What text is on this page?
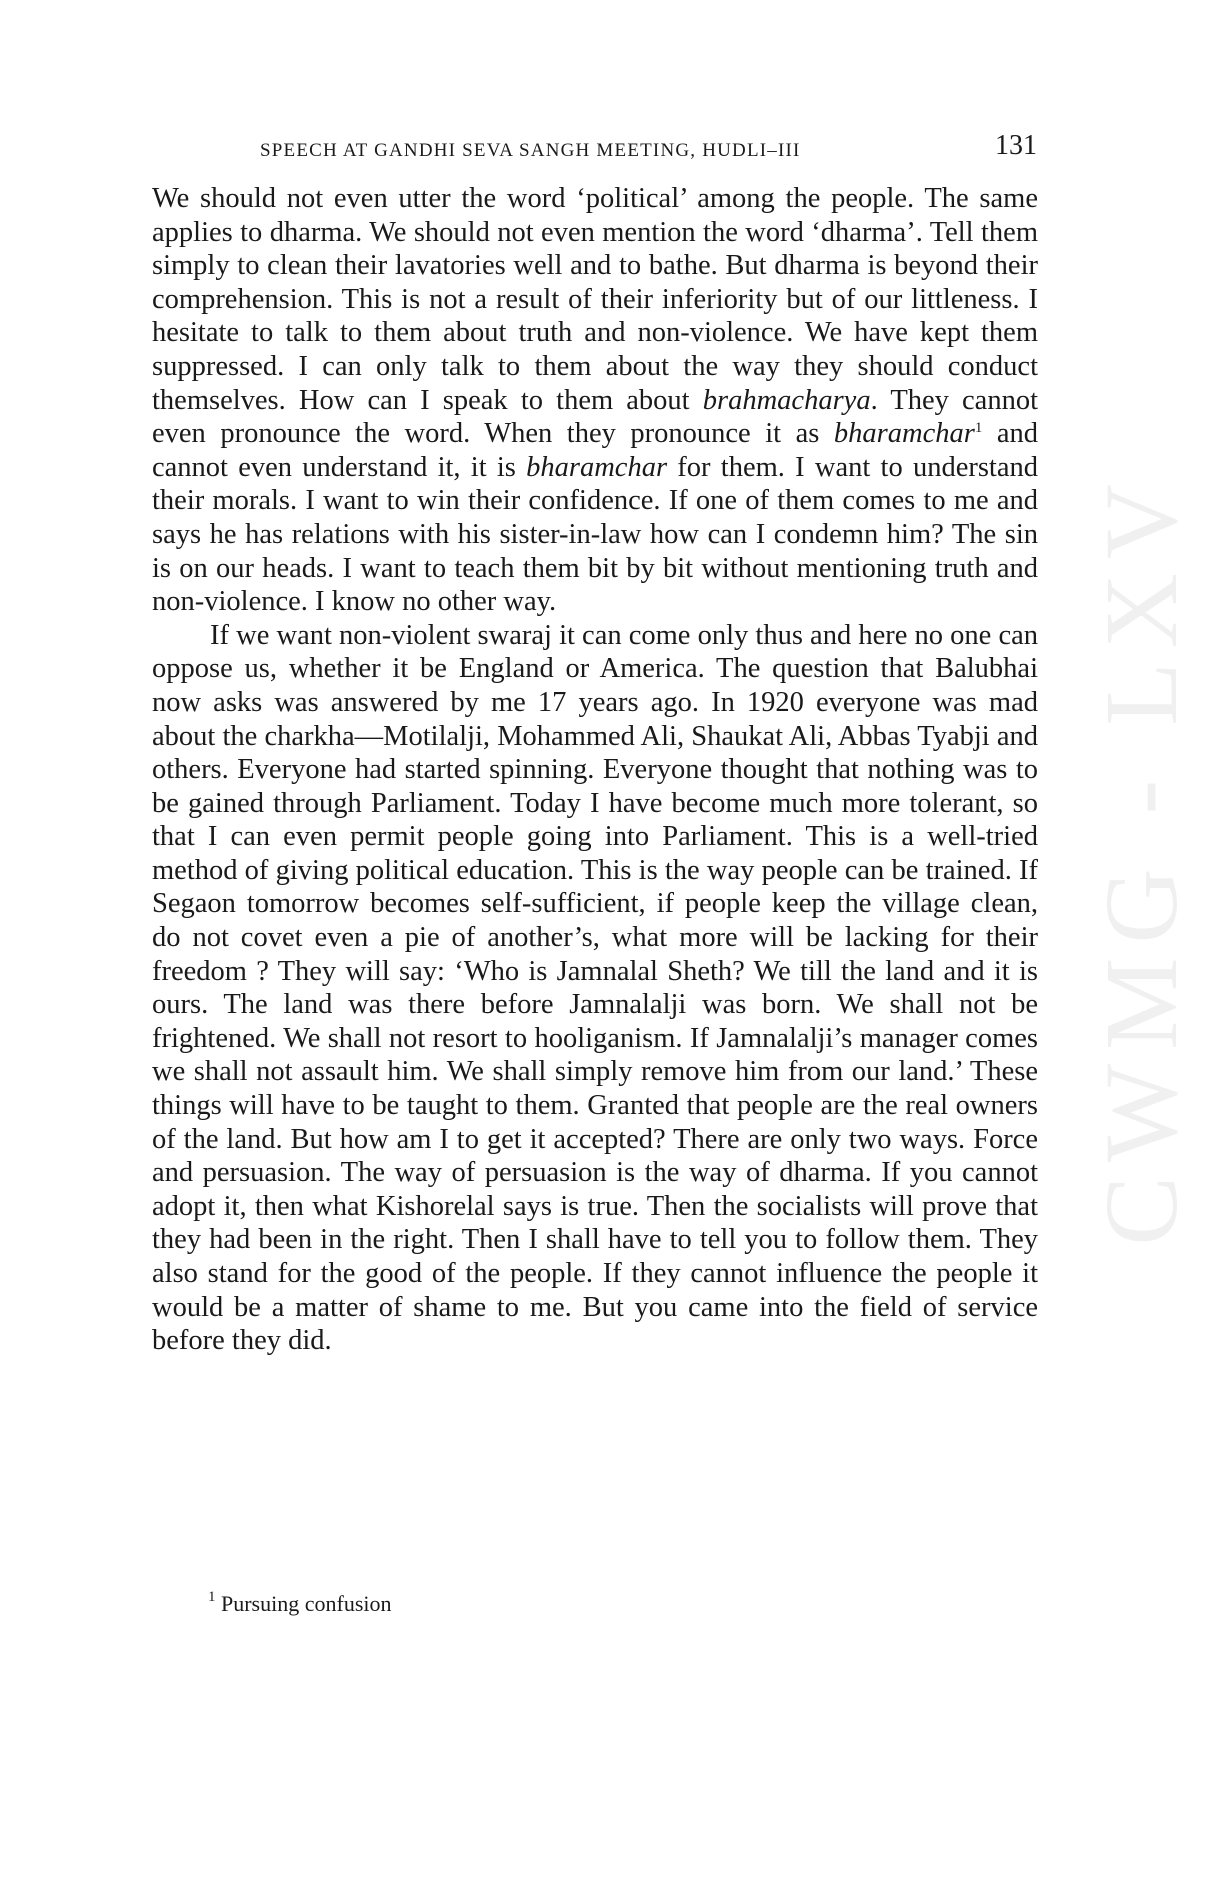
SPEECH AT GANDHI SEVA SANGH MEETING, HUDLI–III	131

We should not even utter the word ‘political’ among the people. The same applies to dharma. We should not even mention the word ‘dharma’. Tell them simply to clean their lavatories well and to bathe. But dharma is beyond their comprehension. This is not a result of their inferiority but of our littleness. I hesitate to talk to them about truth and non-violence. We have kept them suppressed. I can only talk to them about the way they should conduct themselves. How can I speak to them about brahmacharya. They cannot even pronounce the word. When they pronounce it as bharamchar$^1$ and cannot even understand it, it is bharamchar for them. I want to understand their morals. I want to win their confidence. If one of them comes to me and says he has relations with his sister-in-law how can I condemn him? The sin is on our heads. I want to teach them bit by bit without mentioning truth and non-violence. I know no other way.

If we want non-violent swaraj it can come only thus and here no one can oppose us, whether it be England or America. The question that Balubhai now asks was answered by me 17 years ago. In 1920 everyone was mad about the charkha—Motilalji, Mohammed Ali, Shaukat Ali, Abbas Tyabji and others. Everyone had started spinning. Everyone thought that nothing was to be gained through Parliament. Today I have become much more tolerant, so that I can even permit people going into Parliament. This is a well-tried method of giving political education. This is the way people can be trained. If Segaon tomorrow becomes self-sufficient, if people keep the village clean, do not covet even a pie of another’s, what more will be lacking for their freedom ? They will say: ‘Who is Jamnalal Sheth? We till the land and it is ours. The land was there before Jamnalalji was born. We shall not be frightened. We shall not resort to hooliganism. If Jamnalalji’s manager comes we shall not assault him. We shall simply remove him from our land.’ These things will have to be taught to them. Granted that people are the real owners of the land. But how am I to get it accepted? There are only two ways. Force and persuasion. The way of persuasion is the way of dharma. If you cannot adopt it, then what Kishorelal says is true. Then the socialists will prove that they had been in the right. Then I shall have to tell you to follow them. They also stand for the good of the people. If they cannot influence the people it would be a matter of shame to me. But you came into the field of service before they did.

$^1$ Pursuing confusion
CWMG - LXV
